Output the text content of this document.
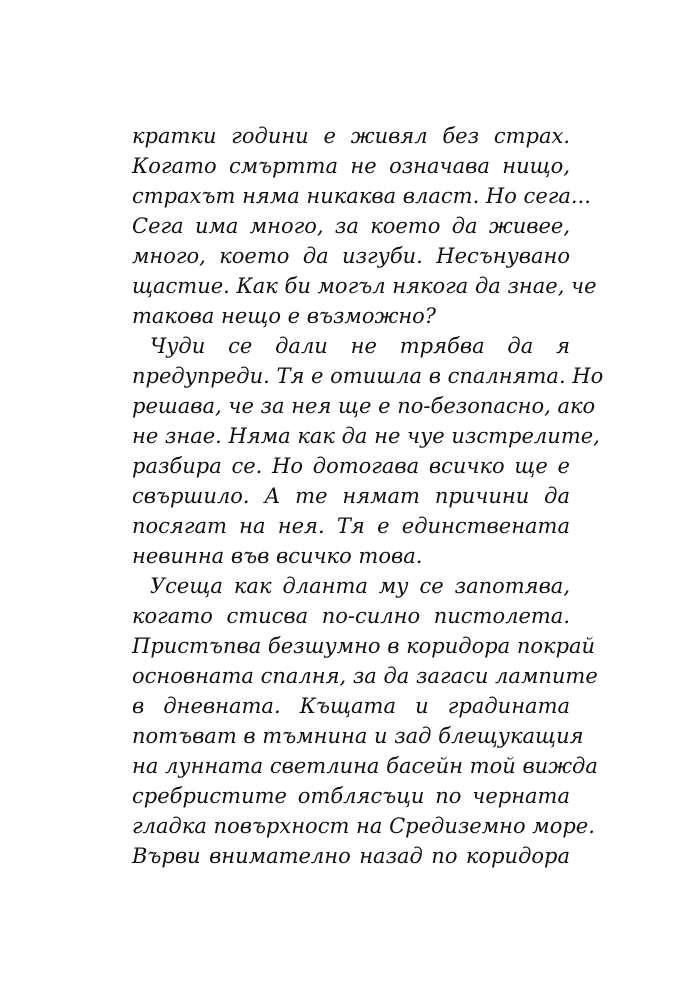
кратки години е живял без страх.
Когато смъртта не означава нищо,
страхът няма никаква власт. Но сега...
Сега има много, за което да живее,
много, което да изгуби. Несънувано
щастие. Как би могъл някога да знае, че
такова нещо е възможно?

Чуди се дали не трябва да я
предупреди. Тя е отишла в спалнята. Но
решава, че за нея ще е по-безопасно, ако
не знае. Няма как да не чуе изстрелите,
разбира се. Но дотогава всичко ще е
свършило. А те нямат причини да
посягат на нея. Тя е единствената
невинна във всичко това.

Усеща как дланта му се запотява,
когато стисва по-силно пистолета.
Пристъпва безшумно в коридора покрай
основната спалня, за да загаси лампите
в дневната. Къщата и градината
потъват в тъмнина и зад блещукащия
на лунната светлина басейн той вижда
сребристите отблясъци по черната
гладка повърхност на Средиземно море.
Върви внимателно назад по коридора
